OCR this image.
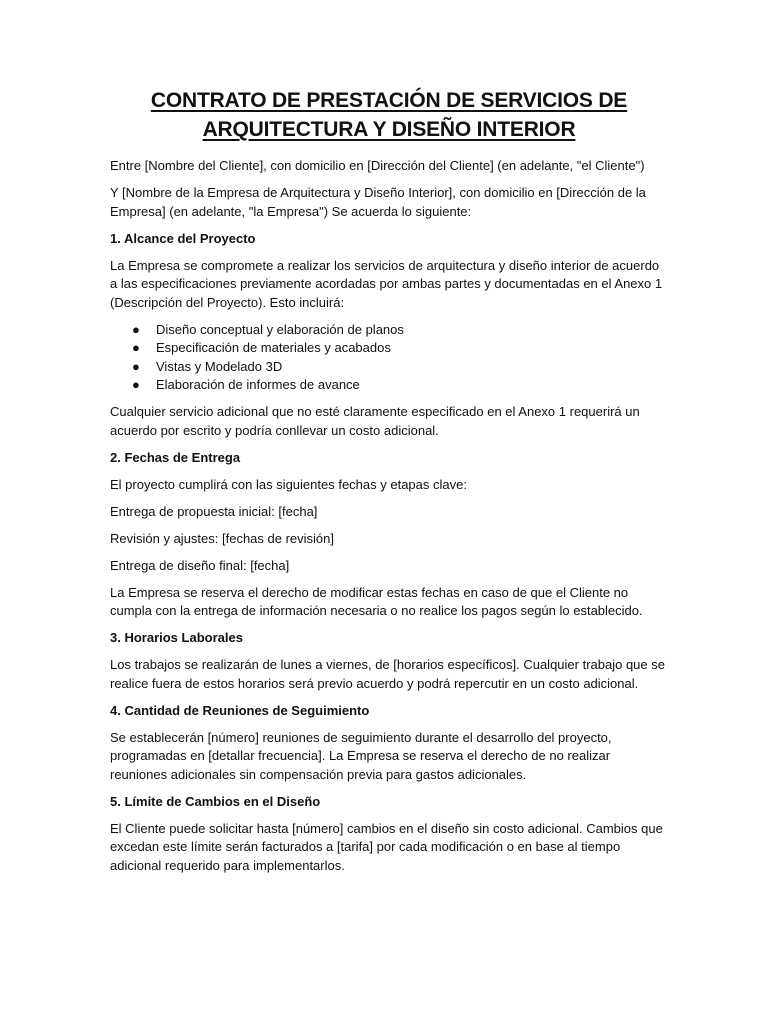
CONTRATO DE PRESTACIÓN DE SERVICIOS DE
ARQUITECTURA Y DISEÑO INTERIOR

Entre [Nombre del Cliente], con domicilio en [Dirección del Cliente] (en adelante, "el Cliente")

Y [Nombre de la Empresa de Arquitectura y Diseño Interior], con domicilio en [Dirección de la Empresa] (en adelante, "la Empresa") Se acuerda lo siguiente:

1. Alcance del Proyecto

La Empresa se compromete a realizar los servicios de arquitectura y diseño interior de acuerdo a las especificaciones previamente acordadas por ambas partes y documentadas en el Anexo 1 (Descripción del Proyecto). Esto incluirá:

● Diseño conceptual y elaboración de planos
● Especificación de materiales y acabados
● Vistas y Modelado 3D
● Elaboración de informes de avance

Cualquier servicio adicional que no esté claramente especificado en el Anexo 1 requerirá un acuerdo por escrito y podría conllevar un costo adicional.

2. Fechas de Entrega

El proyecto cumplirá con las siguientes fechas y etapas clave:

Entrega de propuesta inicial: [fecha]

Revisión y ajustes: [fechas de revisión]

Entrega de diseño final: [fecha]

La Empresa se reserva el derecho de modificar estas fechas en caso de que el Cliente no cumpla con la entrega de información necesaria o no realice los pagos según lo establecido.

3. Horarios Laborales

Los trabajos se realizarán de lunes a viernes, de [horarios específicos]. Cualquier trabajo que se realice fuera de estos horarios será previo acuerdo y podrá repercutir en un costo adicional.

4. Cantidad de Reuniones de Seguimiento

Se establecerán [número] reuniones de seguimiento durante el desarrollo del proyecto, programadas en [detallar frecuencia]. La Empresa se reserva el derecho de no realizar reuniones adicionales sin compensación previa para gastos adicionales.

5. Límite de Cambios en el Diseño

El Cliente puede solicitar hasta [número] cambios en el diseño sin costo adicional. Cambios que excedan este límite serán facturados a [tarifa] por cada modificación o en base al tiempo adicional requerido para implementarlos.
